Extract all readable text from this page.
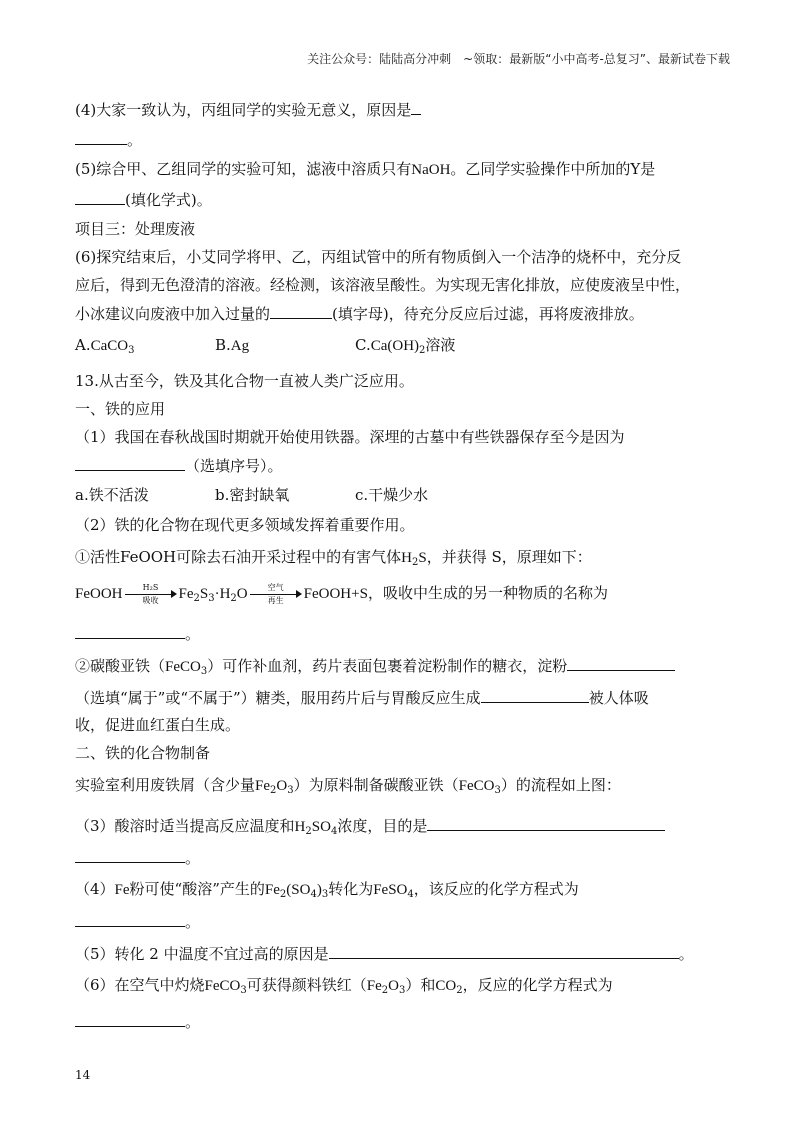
关注公众号：陆陆高分冲刺　~领取：最新版“小中高考-总复习”、最新试卷下载
(4)大家一致认为，丙组同学的实验无意义，原因是
。
(5)综合甲、乙组同学的实验可知，滤液中溶质只有NaOH。乙同学实验操作中所加的Y是
(填化学式)。
项目三：处理废液
(6)探究结束后，小艾同学将甲、乙，丙组试管中的所有物质倒入一个洁净的烧杯中，充分反
应后，得到无色澄清的溶液。经检测，该溶液呈酸性。为实现无害化排放，应使废液呈中性，
小冰建议向废液中加入过量的	(填字母)，待充分反应后过滤，再将废液排放。
A.CaCO$_3$	B.Ag	$C.Ca(OH)_2$溶液
13.从古至今，铁及其化合物一直被人类广泛应用。
一、铁的应用
（1）我国在春秋战国时期就开始使用铁器。深埋的古墓中有些铁器保存至今是因为
（选填序号）。
a.铁不活泼	b.密封缺氧	c.干燥少水
（2）铁的化合物在现代更多领域发挥着重要作用。
①活性FeOOH可除去石油开采过程中的有害气体$H_2S$，并获得 S，原理如下：
FeOOH	H₂S
吸收	$Fe_2S_3\cdot H_2O$	空气
再生	FeOOH+S，吸收中生成的另一种物质的名称为
。
②碳酸亚铁（FeCO$_3$）可作补血剂，药片表面包裹着淀粉制作的糖衣，淀粉
（选填“属于”或“不属于”）糖类，服用药片后与胃酸反应生成	被人体吸
收，促进血红蛋白生成。
二、铁的化合物制备
实验室利用废铁屑（含少量$Fe_2O_3$）为原料制备碳酸亚铁（FeCO$_3$）的流程如上图：
（3）酸溶时适当提高反应温度和$H_2SO_4$浓度，目的是
。
（4）Fe粉可使“酸溶”产生的$Fe_2(SO_4)_3$转化为FeSO$_4$，该反应的化学方程式为
。
（5）转化 2 中温度不宜过高的原因是	。
（6）在空气中灼烧FeCO$_3$可获得颜料铁红$(Fe_2O_3)$和$CO_2$，反应的化学方程式为
。
14
